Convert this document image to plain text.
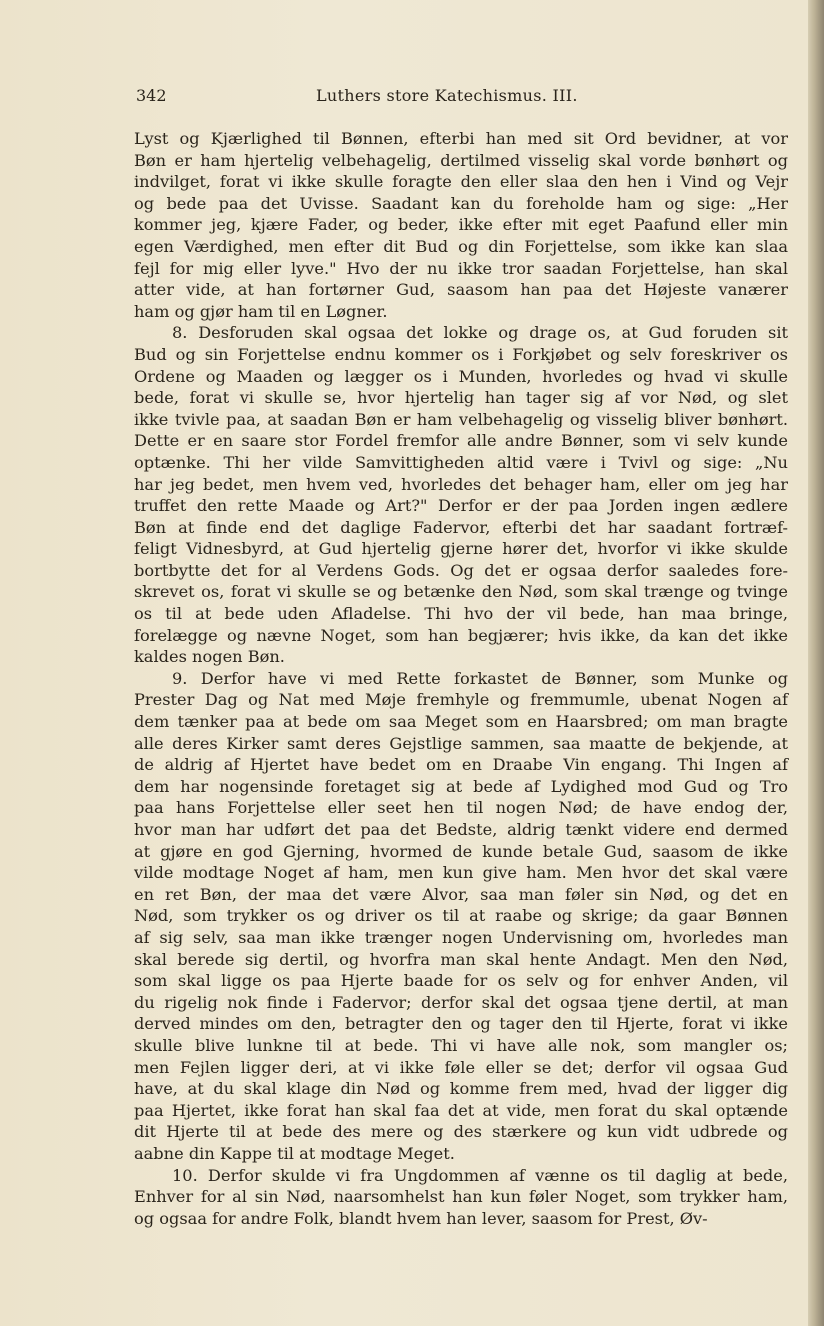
342	Luthers store Katechismus. III.
Lyst og Kjærlighed til Bønnen, efterbi han med sit Ord bevidner, at vor
Bøn er ham hjertelig velbehagelig, dertilmed visselig skal vorde bønhørt og
indvilget, forat vi ikke skulle foragte den eller slaa den hen i Vind og Vejr
og bede paa det Uvisse. Saadant kan du foreholde ham og sige: „Her
kommer jeg, kjære Fader, og beder, ikke efter mit eget Paafund eller min
egen Værdighed, men efter dit Bud og din Forjettelse, som ikke kan slaa
fejl for mig eller lyve." Hvo der nu ikke tror saadan Forjettelse, han skal
atter vide, at han fortørner Gud, saasom han paa det Højeste vanærer
ham og gjør ham til en Løgner.
8. Desforuden skal ogsaa det lokke og drage os, at Gud foruden sit
Bud og sin Forjettelse endnu kommer os i Forkjøbet og selv foreskriver os
Ordene og Maaden og lægger os i Munden, hvorledes og hvad vi skulle
bede, forat vi skulle se, hvor hjertelig han tager sig af vor Nød, og slet
ikke tvivle paa, at saadan Bøn er ham velbehagelig og visselig bliver bønhørt.
Dette er en saare stor Fordel fremfor alle andre Bønner, som vi selv kunde
optænke. Thi her vilde Samvittigheden altid være i Tvivl og sige: „Nu
har jeg bedet, men hvem ved, hvorledes det behager ham, eller om jeg har
truffet den rette Maade og Art?" Derfor er der paa Jorden ingen ædlere
Bøn at finde end det daglige Fadervor, efterbi det har saadant fortræf-
feligt Vidnesbyrd, at Gud hjertelig gjerne hører det, hvorfor vi ikke skulde
bortbytte det for al Verdens Gods. Og det er ogsaa derfor saaledes fore-
skrevet os, forat vi skulle se og betænke den Nød, som skal trænge og tvinge
os til at bede uden Afladelse. Thi hvo der vil bede, han maa bringe,
forelægge og nævne Noget, som han begjærer; hvis ikke, da kan det ikke
kaldes nogen Bøn.
9. Derfor have vi med Rette forkastet de Bønner, som Munke og
Prester Dag og Nat med Møje fremhyle og fremmumle, ubenat Nogen af
dem tænker paa at bede om saa Meget som en Haarsbred; om man bragte
alle deres Kirker samt deres Gejstlige sammen, saa maatte de bekjende, at
de aldrig af Hjertet have bedet om en Draabe Vin engang. Thi Ingen af
dem har nogensinde foretaget sig at bede af Lydighed mod Gud og Tro
paa hans Forjettelse eller seet hen til nogen Nød; de have endog der,
hvor man har udført det paa det Bedste, aldrig tænkt videre end dermed
at gjøre en god Gjerning, hvormed de kunde betale Gud, saasom de ikke
vilde modtage Noget af ham, men kun give ham. Men hvor det skal være
en ret Bøn, der maa det være Alvor, saa man føler sin Nød, og det en
Nød, som trykker os og driver os til at raabe og skrige; da gaar Bønnen
af sig selv, saa man ikke trænger nogen Undervisning om, hvorledes man
skal berede sig dertil, og hvorfra man skal hente Andagt. Men den Nød,
som skal ligge os paa Hjerte baade for os selv og for enhver Anden, vil
du rigelig nok finde i Fadervor; derfor skal det ogsaa tjene dertil, at man
derved mindes om den, betragter den og tager den til Hjerte, forat vi ikke
skulle blive lunkne til at bede. Thi vi have alle nok, som mangler os;
men Fejlen ligger deri, at vi ikke føle eller se det; derfor vil ogsaa Gud
have, at du skal klage din Nød og komme frem med, hvad der ligger dig
paa Hjertet, ikke forat han skal faa det at vide, men forat du skal optænde
dit Hjerte til at bede des mere og des stærkere og kun vidt udbrede og
aabne din Kappe til at modtage Meget.
10. Derfor skulde vi fra Ungdommen af vænne os til daglig at bede,
Enhver for al sin Nød, naarsomhelst han kun føler Noget, som trykker ham,
og ogsaa for andre Folk, blandt hvem han lever, saasom for Prest, Øv-
